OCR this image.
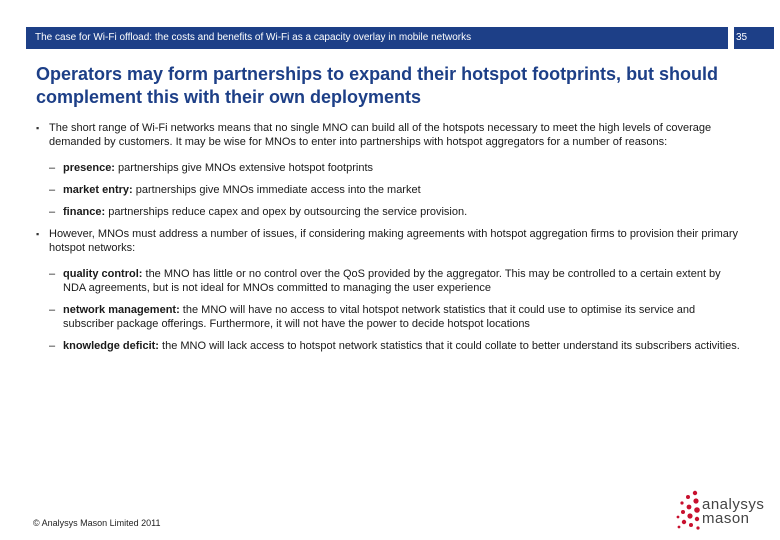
The case for Wi-Fi offload: the costs and benefits of Wi-Fi as a capacity overlay in mobile networks	35
Operators may form partnerships to expand their hotspot footprints, but should complement this with their own deployments
▪ The short range of Wi-Fi networks means that no single MNO can build all of the hotspots necessary to meet the high levels of coverage demanded by customers. It may be wise for MNOs to enter into partnerships with hotspot aggregators for a number of reasons:
– presence: partnerships give MNOs extensive hotspot footprints
– market entry: partnerships give MNOs immediate access into the market
– finance: partnerships reduce capex and opex by outsourcing the service provision.
▪ However, MNOs must address a number of issues, if considering making agreements with hotspot aggregation firms to provision their primary hotspot networks:
– quality control: the MNO has little or no control over the QoS provided by the aggregator. This may be controlled to a certain extent by NDA agreements, but is not ideal for MNOs committed to managing the user experience
– network management: the MNO will have no access to vital hotspot network statistics that it could use to optimise its service and subscriber package offerings. Furthermore, it will not have the power to decide hotspot locations
– knowledge deficit: the MNO will lack access to hotspot network statistics that it could collate to better understand its subscribers activities.
© Analysys Mason Limited 2011
analysys
mason
